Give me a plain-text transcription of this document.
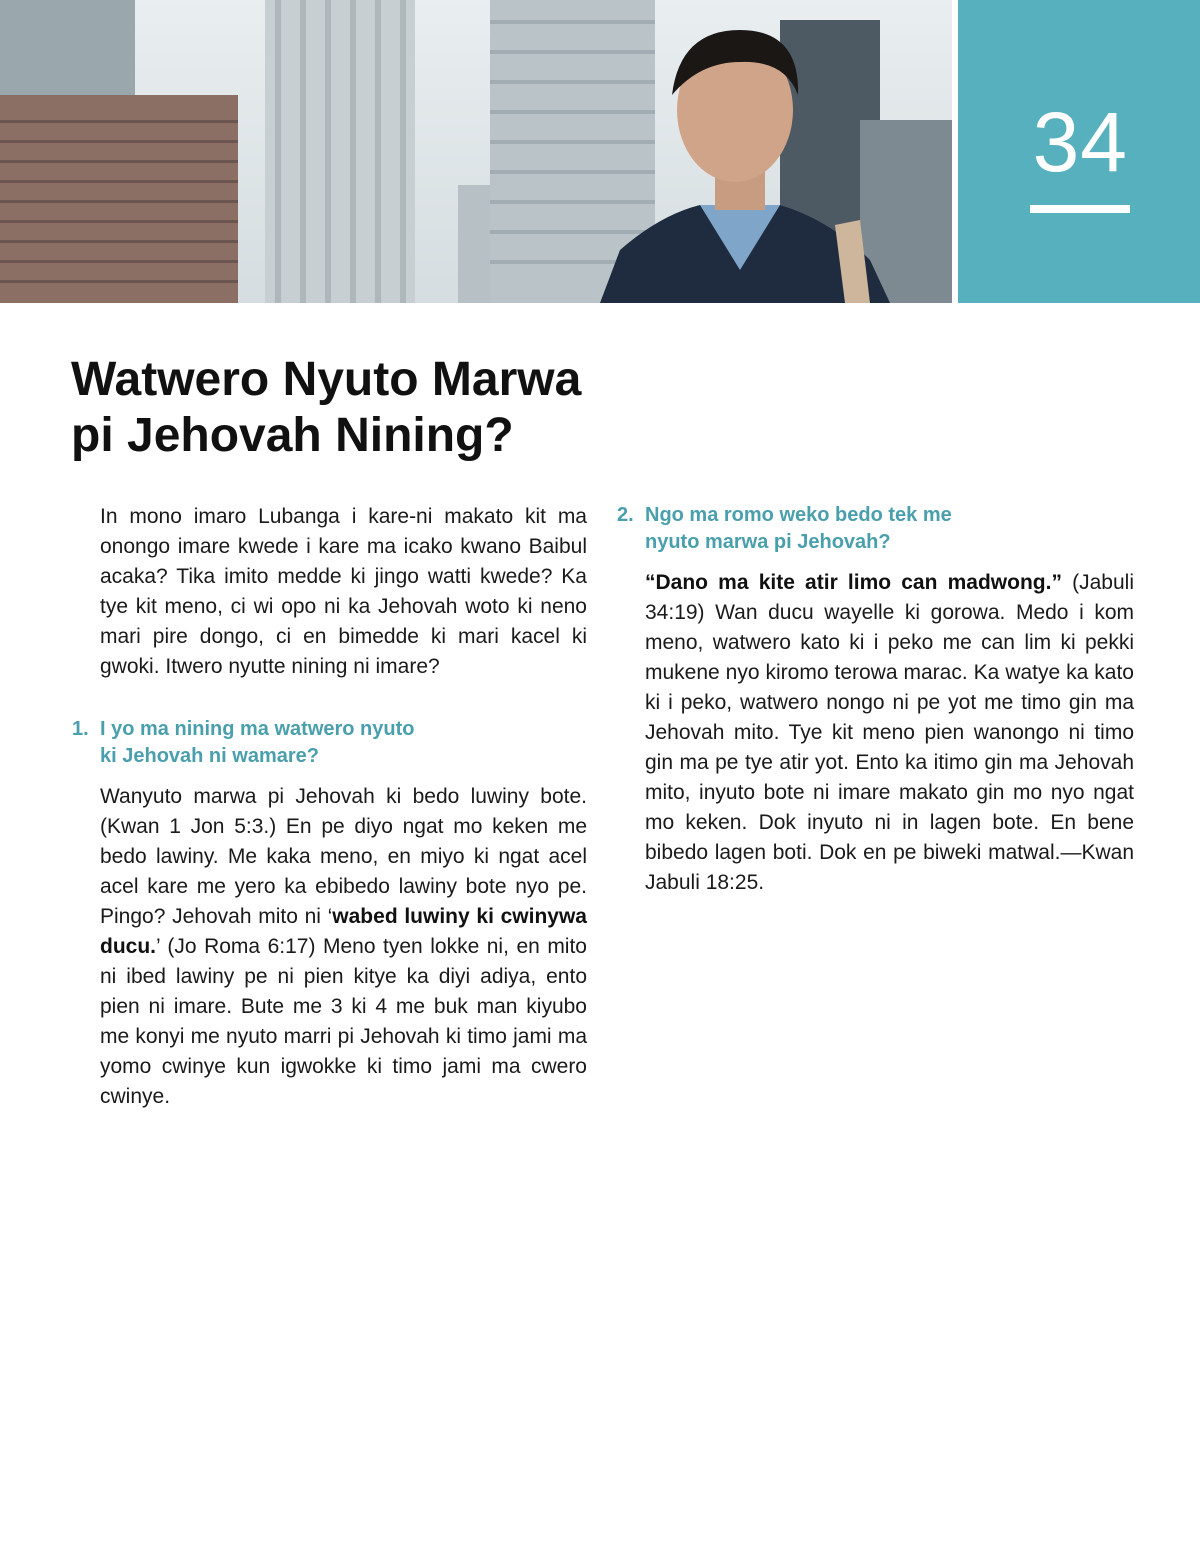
34
Watwero Nyuto Marwa
pi Jehovah Nining?

In mono imaro Lubanga i kare-ni makato kit ma onongo imare kwede i kare ma icako kwano Baibul acaka? Tika imito medde ki jingo watti kwede? Ka tye kit meno, ci wi opo ni ka Jehovah woto ki neno mari pire dongo, ci en bimedde ki mari kacel ki gwoki. Itwero nyutte nining ni imare?

1. I yo ma nining ma watwero nyuto
ki Jehovah ni wamare?

Wanyuto marwa pi Jehovah ki bedo luwiny bote. (Kwan 1 Jon 5:3.) En pe diyo ngat mo keken me bedo lawiny. Me kaka meno, en miyo ki ngat acel acel kare me yero ka ebibedo lawiny bote nyo pe. Pingo? Jehovah mito ni ‘wabed luwiny ki cwinywa ducu.’ (Jo Roma 6:17) Meno tyen lokke ni, en mito ni ibed lawiny pe ni pien kitye ka diyi adiya, ento pien ni imare. Bute me 3 ki 4 me buk man kiyubo me konyi me nyuto marri pi Jehovah ki timo jami ma yomo cwinye kun igwokke ki timo jami ma cwero cwinye.

2. Ngo ma romo weko bedo tek me
nyuto marwa pi Jehovah?

“Dano ma kite atir limo can madwong.” (Jabuli 34:19) Wan ducu wayelle ki gorowa. Medo i kom meno, watwero kato ki i peko me can lim ki pekki mukene nyo kiromo terowa marac. Ka watye ka kato ki i peko, watwero nongo ni pe yot me timo gin ma Jehovah mito. Tye kit meno pien wanongo ni timo gin ma pe tye atir yot. Ento ka itimo gin ma Jehovah mito, inyuto bote ni imare makato gin mo nyo ngat mo keken. Dok inyuto ni in lagen bote. En bene bibedo lagen boti. Dok en pe biweki matwal.—Kwan Jabuli 18:25.
